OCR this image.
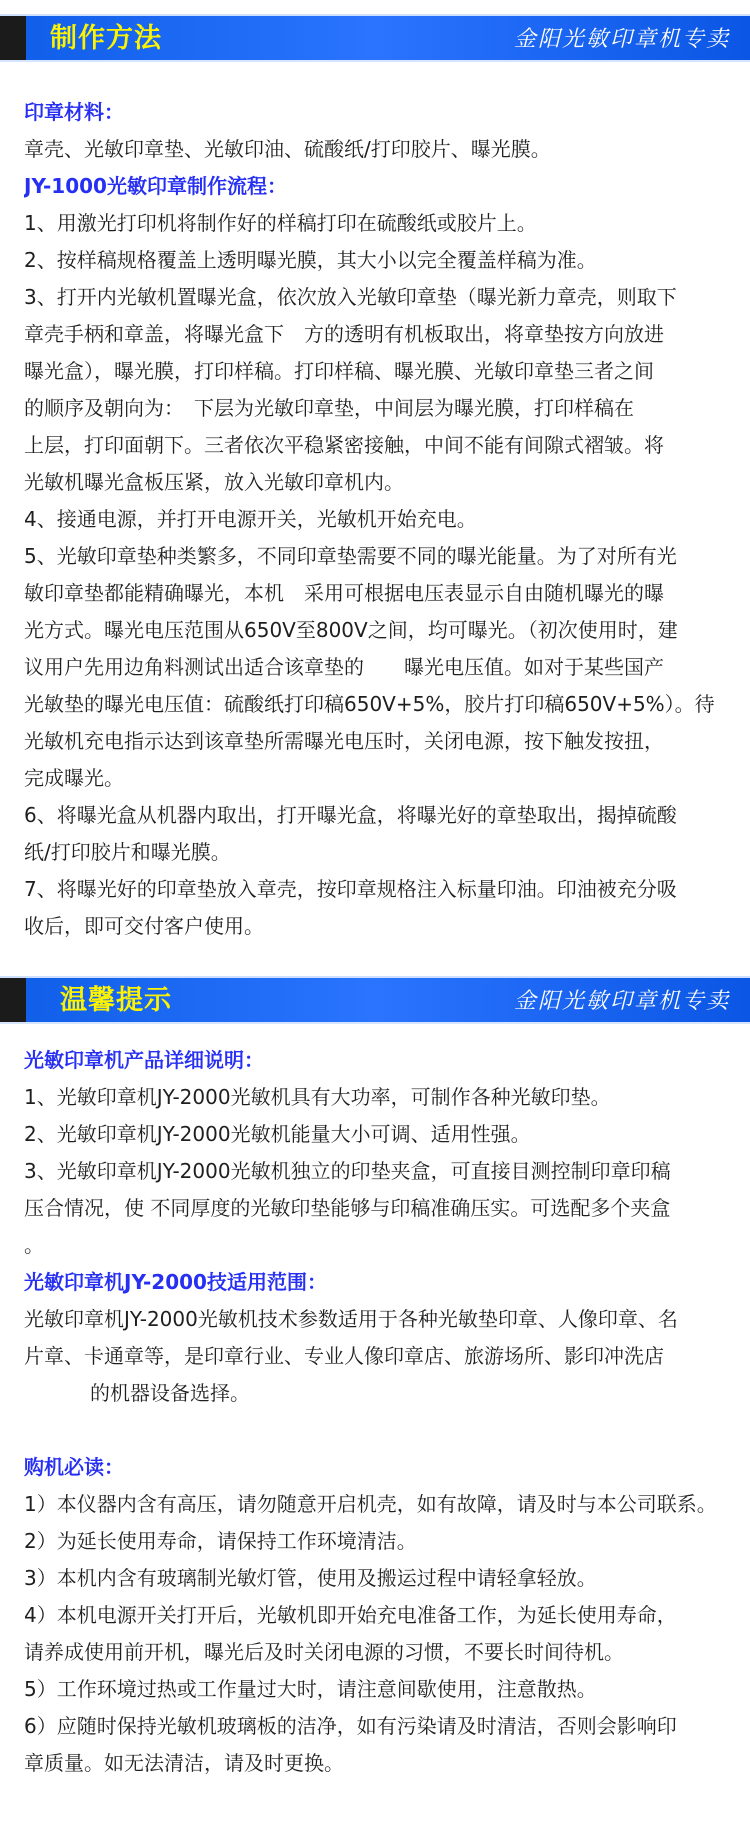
制作方法	金阳光敏印章机专卖
印章材料：
章壳、光敏印章垫、光敏印油、硫酸纸/打印胶片、曝光膜。
JY-1000光敏印章制作流程：
1、用激光打印机将制作好的样稿打印在硫酸纸或胶片上。
2、按样稿规格覆盖上透明曝光膜，其大小以完全覆盖样稿为准。
3、打开内光敏机置曝光盒，依次放入光敏印章垫（曝光新力章壳，则取下
章壳手柄和章盖，将曝光盒下　方的透明有机板取出，将章垫按方向放进
曝光盒），曝光膜，打印样稿。打印样稿、曝光膜、光敏印章垫三者之间
的顺序及朝向为：　下层为光敏印章垫，中间层为曝光膜，打印样稿在
上层，打印面朝下。三者依次平稳紧密接触，中间不能有间隙式褶皱。将
光敏机曝光盒板压紧，放入光敏印章机内。
4、接通电源，并打开电源开关，光敏机开始充电。
5、光敏印章垫种类繁多，不同印章垫需要不同的曝光能量。为了对所有光
敏印章垫都能精确曝光，本机　采用可根据电压表显示自由随机曝光的曝
光方式。曝光电压范围从650V至800V之间，均可曝光。（初次使用时，建
议用户先用边角料测试出适合该章垫的　　曝光电压值。如对于某些国产
光敏垫的曝光电压值：硫酸纸打印稿650V+5%，胶片打印稿650V+5%）。待
光敏机充电指示达到该章垫所需曝光电压时，关闭电源，按下触发按扭，
完成曝光。
6、将曝光盒从机器内取出，打开曝光盒，将曝光好的章垫取出，揭掉硫酸
纸/打印胶片和曝光膜。
7、将曝光好的印章垫放入章壳，按印章规格注入标量印油。印油被充分吸
收后，即可交付客户使用。
温馨提示	金阳光敏印章机专卖
光敏印章机产品详细说明：
1、光敏印章机JY-2000光敏机具有大功率，可制作各种光敏印垫。
2、光敏印章机JY-2000光敏机能量大小可调、适用性强。
3、光敏印章机JY-2000光敏机独立的印垫夹盒，可直接目测控制印章印稿
压合情况，使 不同厚度的光敏印垫能够与印稿准确压实。可选配多个夹盒
。
光敏印章机JY-2000技适用范围：
光敏印章机JY-2000光敏机技术参数适用于各种光敏垫印章、人像印章、名
片章、卡通章等，是印章行业、专业人像印章店、旅游场所、影印冲洗店
的机器设备选择。
购机必读：
1）本仪器内含有高压，请勿随意开启机壳，如有故障，请及时与本公司联系。
2）为延长使用寿命，请保持工作环境清洁。
3）本机内含有玻璃制光敏灯管，使用及搬运过程中请轻拿轻放。
4）本机电源开关打开后，光敏机即开始充电准备工作，为延长使用寿命，
请养成使用前开机，曝光后及时关闭电源的习惯，不要长时间待机。
5）工作环境过热或工作量过大时，请注意间歇使用，注意散热。
6）应随时保持光敏机玻璃板的洁净，如有污染请及时清洁，否则会影响印
章质量。如无法清洁，请及时更换。
